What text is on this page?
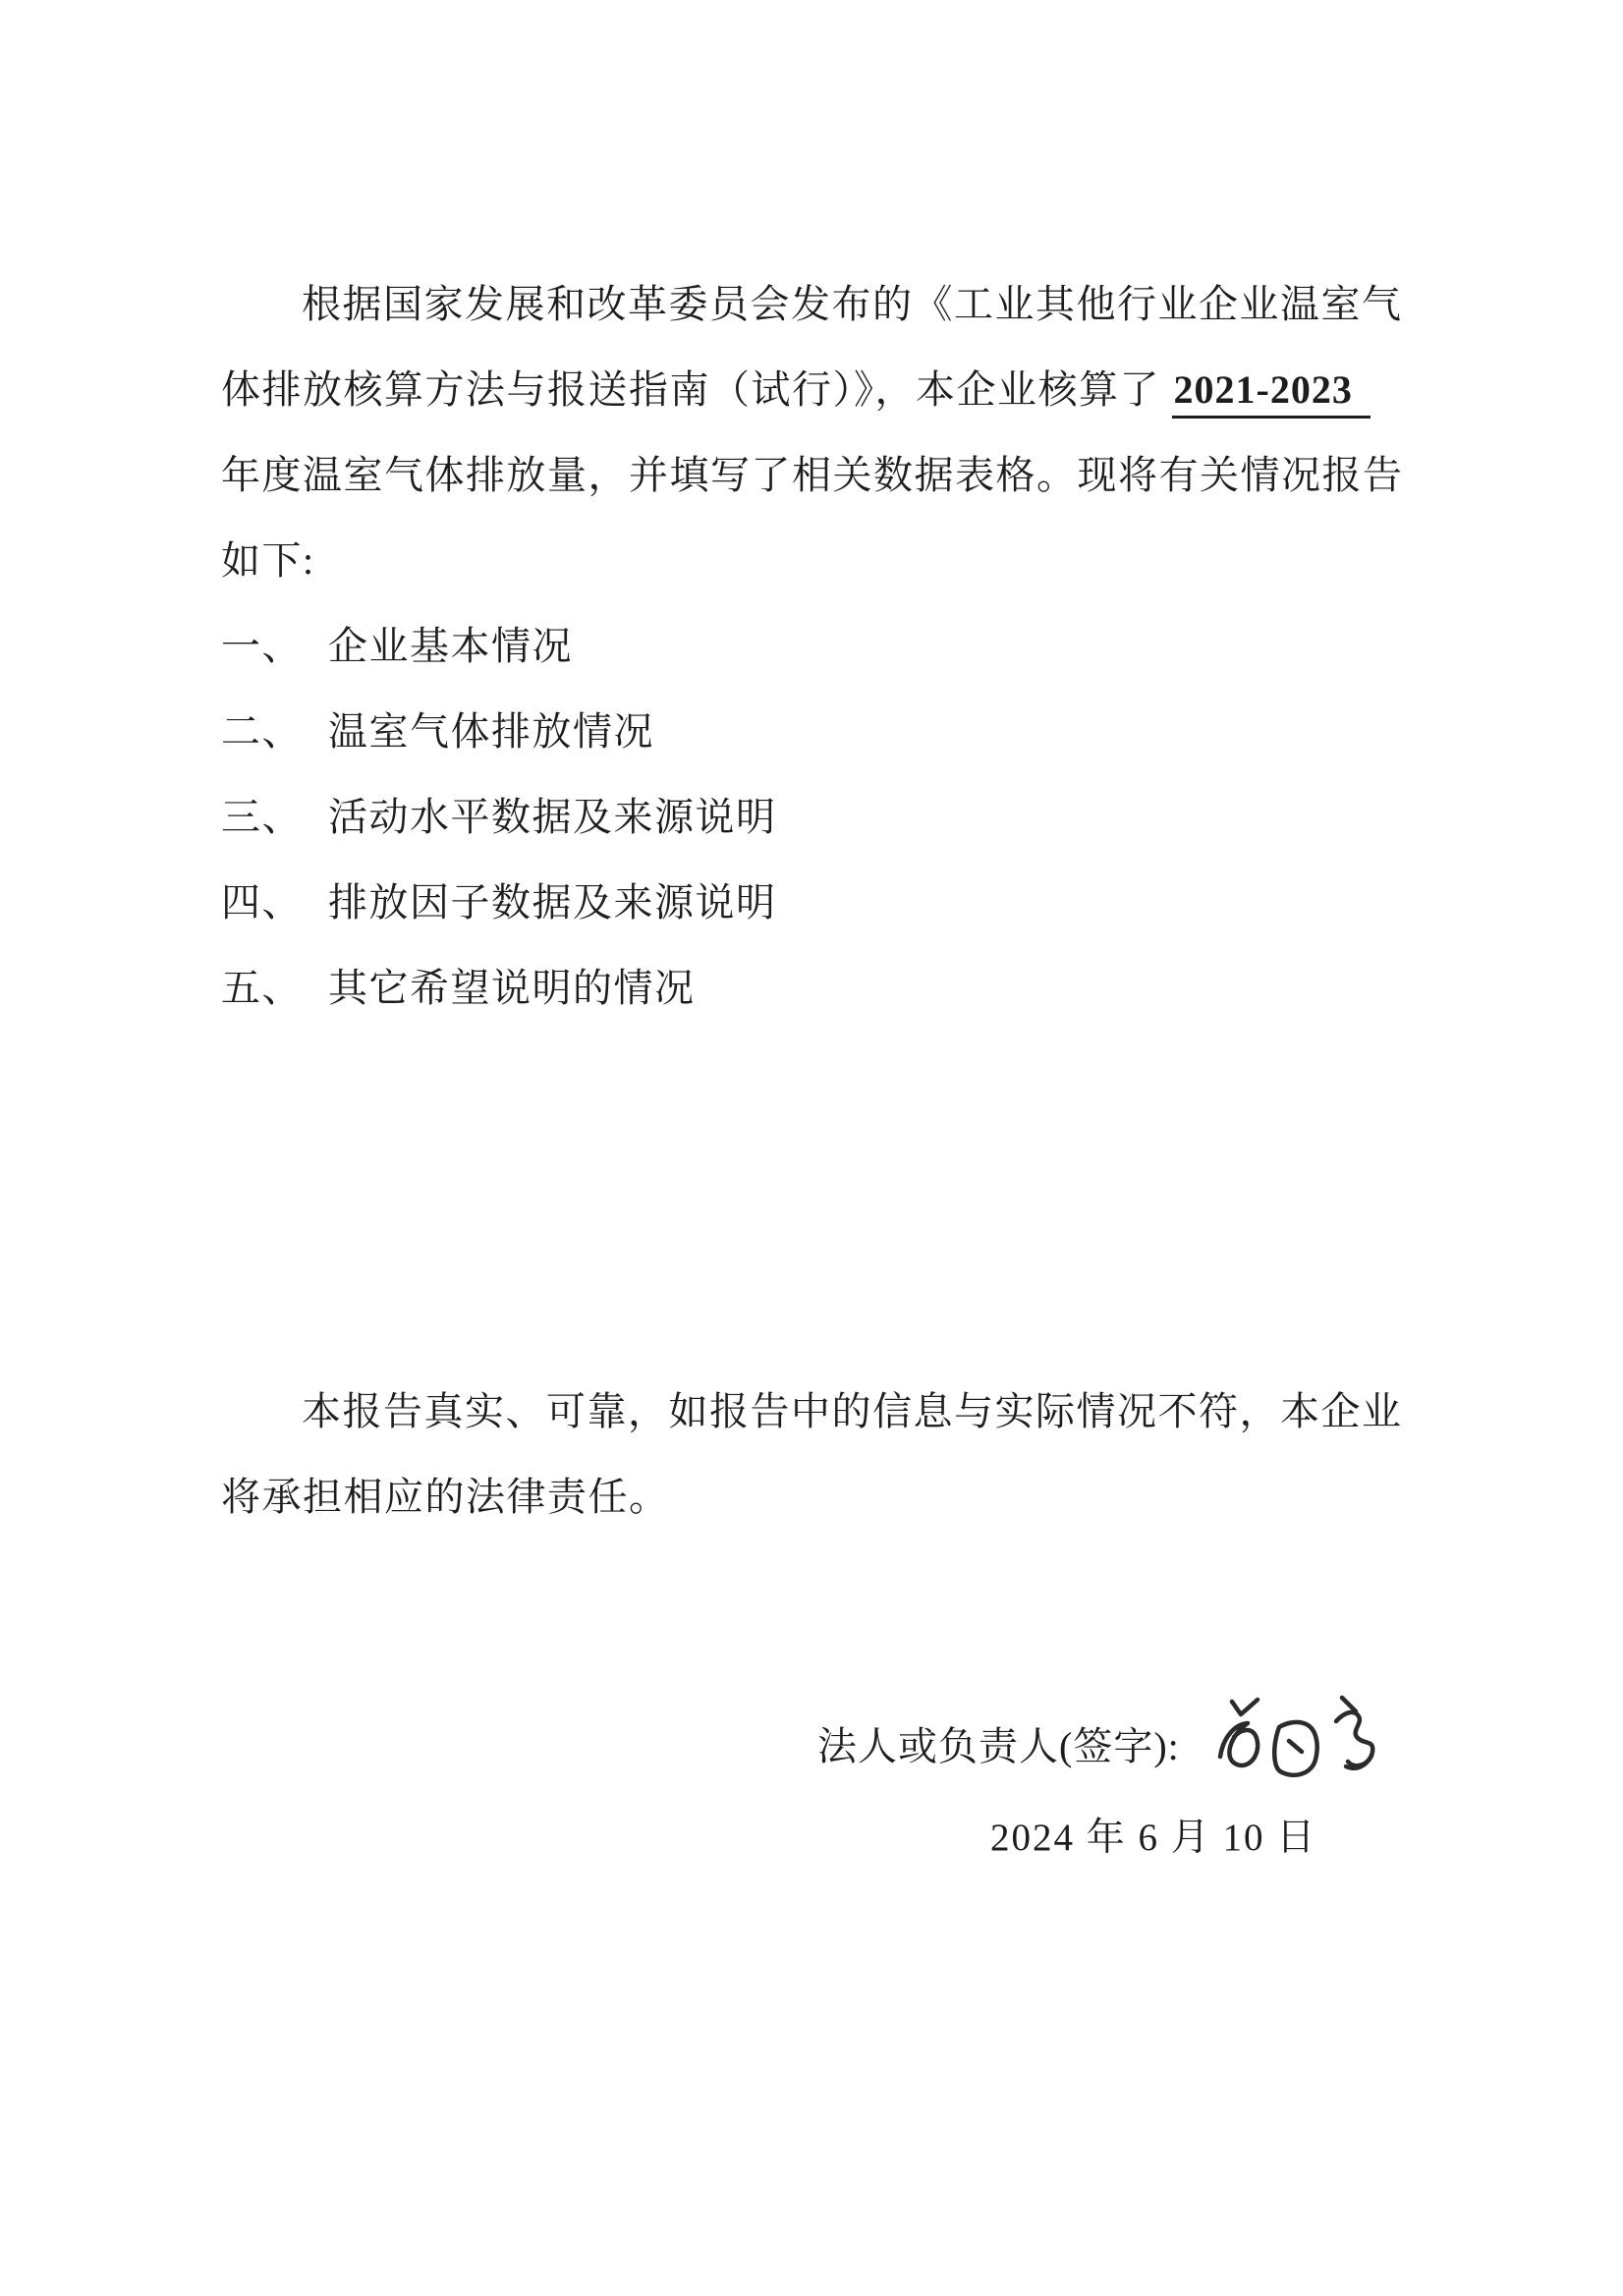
根据国家发展和改革委员会发布的《工业其他行业企业温室气
体排放核算方法与报送指南（试行）》，本企业核算了 2021-2023
年度温室气体排放量，并填写了相关数据表格。现将有关情况报告
如下:
一、 企业基本情况
二、 温室气体排放情况
三、 活动水平数据及来源说明
四、 排放因子数据及来源说明
五、 其它希望说明的情况
本报告真实、可靠，如报告中的信息与实际情况不符，本企业
将承担相应的法律责任。
法人或负责人(签字):
2024 年 6 月 10 日
